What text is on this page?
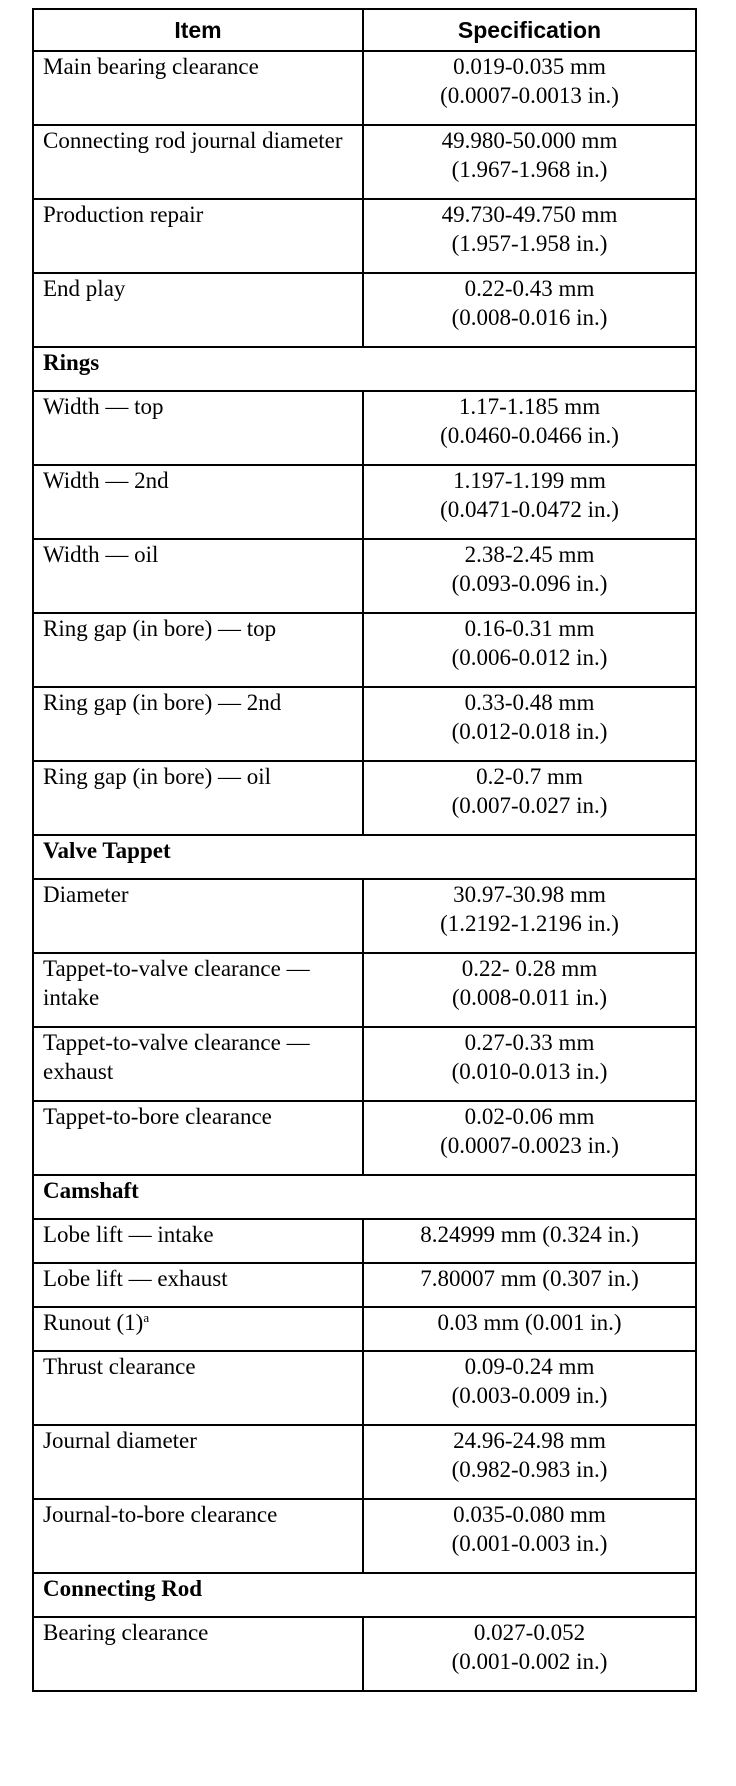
Item	Specification
Main bearing clearance	0.019-0.035 mm
(0.0007-0.0013 in.)

Connecting rod journal diameter	49.980-50.000 mm
(1.967-1.968 in.)

Production repair	49.730-49.750 mm
(1.957-1.958 in.)

End play	0.22-0.43 mm
(0.008-0.016 in.)

Rings	
Width — top	1.17-1.185 mm
(0.0460-0.0466 in.)

Width — 2nd	1.197-1.199 mm
(0.0471-0.0472 in.)

Width — oil	2.38-2.45 mm
(0.093-0.096 in.)

Ring gap (in bore) — top	0.16-0.31 mm
(0.006-0.012 in.)

Ring gap (in bore) — 2nd	0.33-0.48 mm
(0.012-0.018 in.)

Ring gap (in bore) — oil	0.2-0.7 mm
(0.007-0.027 in.)

Valve Tappet	
Diameter	30.97-30.98 mm
(1.2192-1.2196 in.)

Tappet-to-valve clearance — intake	0.22- 0.28 mm
(0.008-0.011 in.)

Tappet-to-valve clearance — exhaust	0.27-0.33 mm
(0.010-0.013 in.)

Tappet-to-bore clearance	0.02-0.06 mm
(0.0007-0.0023 in.)

Camshaft	
Lobe lift — intake	8.24999 mm (0.324 in.)

Lobe lift — exhaust	7.80007 mm (0.307 in.)

Runout $(1)^a$	0.03 mm (0.001 in.)

Thrust clearance	0.09-0.24 mm
(0.003-0.009 in.)

Journal diameter	24.96-24.98 mm
(0.982-0.983 in.)

Journal-to-bore clearance	0.035-0.080 mm
(0.001-0.003 in.)

Connecting Rod	
Bearing clearance	0.027-0.052
(0.001-0.002 in.)
